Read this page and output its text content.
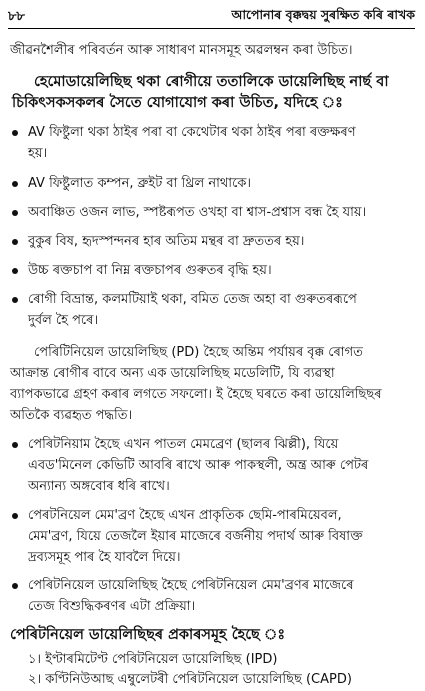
৮৮	আপোনাৰ বৃক্কদ্বয় সুৰক্ষিত কৰি ৰাখক
জীৱনশৈলীৰ পৰিবৰ্তন আৰু সাধাৰণ মানসমূহ অৱলম্বন কৰা উচিত।
হেমোডায়েলিছিছ থকা ৰোগীয়ে ততালিকে ডায়েলিছিছ নাৰ্ছ বা
চিকিৎসকসকলৰ সৈতে যোগাযোগ কৰা উচিত, যদিহে ঃ
AV ফিষ্টুলা থকা ঠাইৰ পৰা বা কেথেটাৰ থকা ঠাইৰ পৰা ৰক্তক্ষৰণ
হয়।
AV ফিষ্টুলাত কম্পন, ব্ৰুইট বা থ্ৰিল নাথাকে।
অবাঞ্চিত ওজন লাভ, স্পষ্টৰূপত ওখহা বা শ্বাস-প্ৰশ্বাস বন্ধ হৈ যায়।
বুকুৰ বিষ, হৃদস্পন্দনৰ হাৰ অতিম মন্থৰ বা দ্ৰুততৰ হয়।
উচ্চ ৰক্তচাপ বা নিম্ন ৰক্তচাপৰ গুৰুতৰ বৃদ্ধি হয়।
ৰোগী বিভ্ৰান্ত, কলমটিয়াই থকা, বমিত তেজ অহা বা গুৰুতৰৰূপে
দুৰ্বল হৈ পৰে।
পেৰিটিনিয়েল ডায়েলিছিছ (PD) হৈছে অন্তিম পৰ্যায়ৰ বৃক্ক ৰোগত
আক্ৰান্ত ৰোগীৰ বাবে অন্য এক ডায়েলিছিছ মডেলিটি, যি ব্যৱস্থা
ব্যাপকভাৱে গ্ৰহণ কৰাৰ লগতে সফলো। ই হৈছে ঘৰতে কৰা ডায়েলিছিছৰ
অতিকৈ ব্যৱহৃত পদ্ধতি।
পেৰিটনিয়াম হৈছে এখন পাতল মেমব্ৰেণ (ছালৰ ঝিল্লী), যিয়ে
এবড'মিনেল কেভিটি আবৰি ৰাখে আৰু পাকস্থলী, অন্ত্ৰ আৰু পেটৰ
অন্যান্য অঙ্গবোৰ ধৰি ৰাখে।
পেৰটনিয়েল মেম'ব্ৰণ হৈছে এখন প্ৰাকৃতিক ছেমি-পাৰমিয়েবল,
মেম'ব্ৰণ, যিয়ে তেজলৈ ইয়াৰ মাজেৰে বৰ্জনীয় পদাৰ্থ আৰু বিষাক্ত
দ্ৰব্যসমূহ পাৰ হৈ যাবলৈ দিয়ে।
পেৰিটনিয়েল ডায়েলিছিছ হৈছে পেৰিটনিয়েল মেম'ব্ৰণৰ মাজেৰে
তেজ বিশুদ্ধিকৰণৰ এটা প্ৰক্ৰিয়া।
পেৰিটনিয়েল ডায়েলিছিছৰ প্ৰকাৰসমূহ হৈছে ঃ
১। ইণ্টাৰমিটেণ্ট পেৰিটনিয়েল ডায়েলিছিছ (IPD)
২। কণ্টিনিউআছ এম্বুলেটৰী পেৰিটনিয়েল ডায়েলিছিছ (CAPD)
